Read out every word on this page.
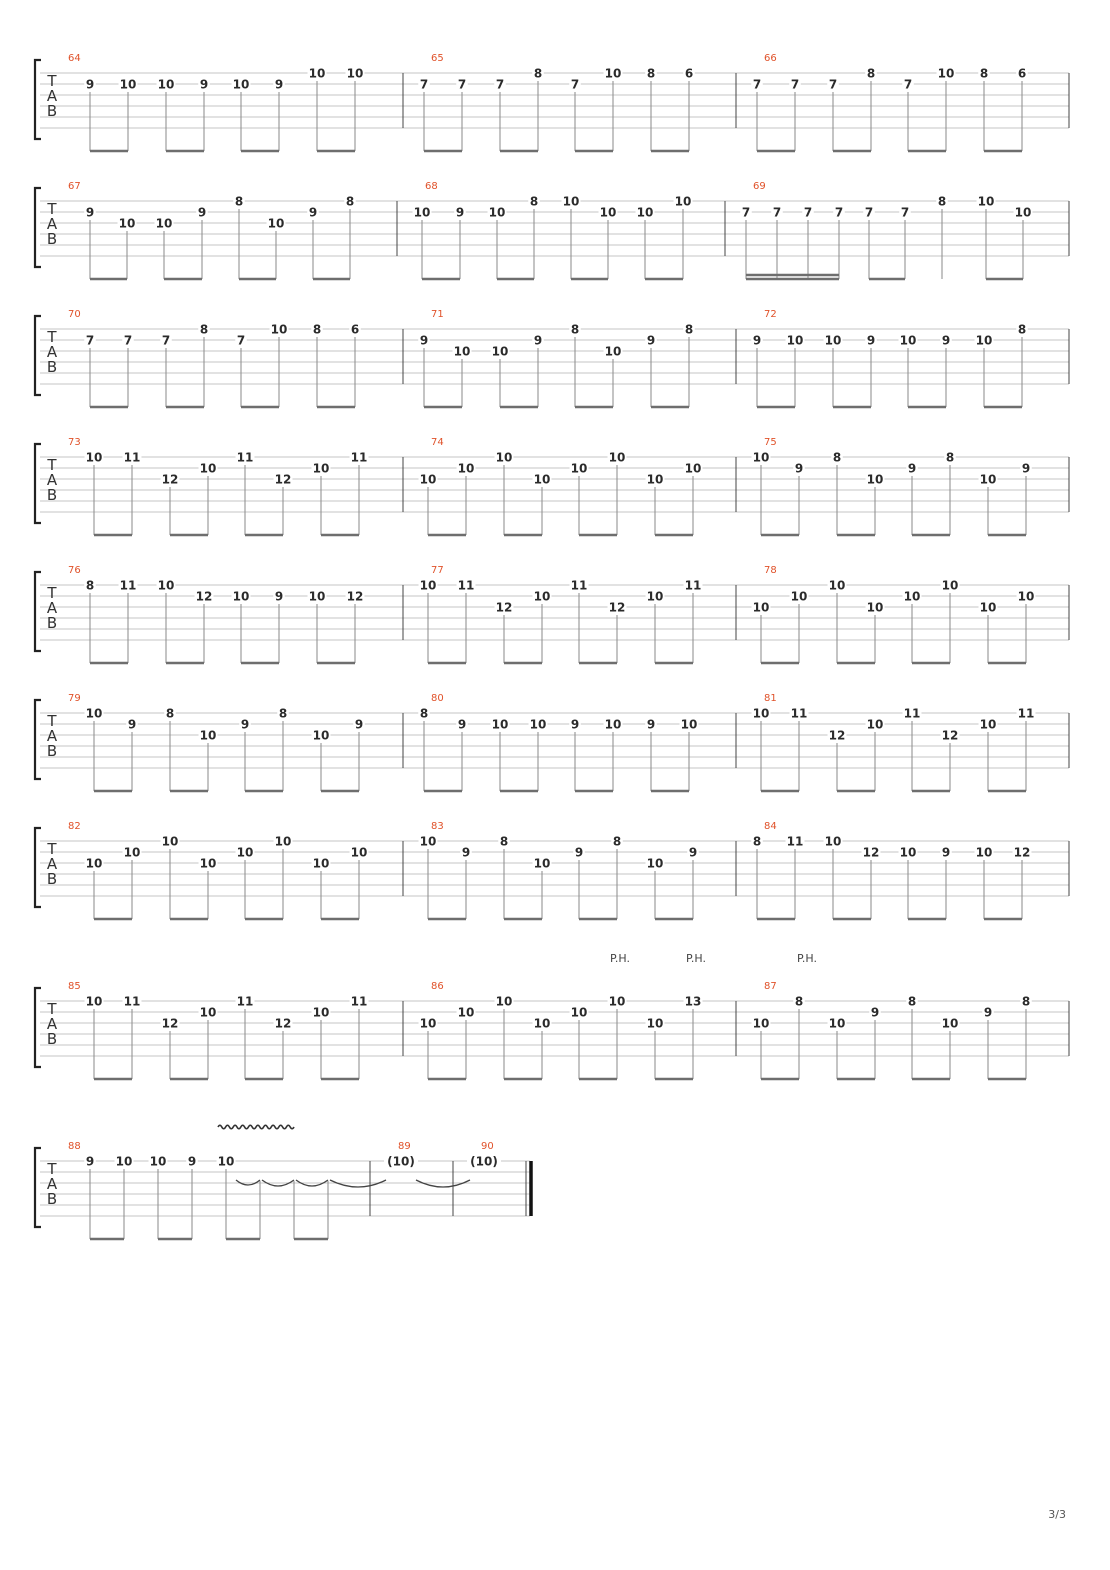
T
A
B
64
9 10 10 9 10 9
10 10
65
7 7 7
8
7
10 8 6
66
7 7 7
8
7
10 8 6
T
A
B
67
9
10 10
9
8
10
9
8
68
10 9 10
8 10
10 10
10
69
7 7 7 7 7 7
8	10
10
T
A
B
70
7 7 7
8
7
10 8 6
71
9
10 10
9
8
10
9
8
72
9 10 10 9 10 9 10
8
T
A
B
73
10 11
12
10
11
12
10
11
74
10
10
10
10
10
10
10
10
75
10
9
8
10
9
8
10
9
T
A
B
76
8 11 10
12 10 9 10 12
77
10 11
12
10
11
12
10
11
78
10
10
10
10
10
10
10
10
T
A
B
79
10
9
8
10
9
8
10
9
80
8
9 10 10 9 10 9 10
81
10 11
12
10
11
12
10
11
T
A
B
82
10
10
10
10
10
10
10
10
83
10
9
8
10
9
8
10
9
84
8 11 10
12 10 9 10 12
T
A
B
85
10 11
12
10
11
12
10
11
86
10
10
10
10
10
10
10
13
87
10
8
10
9
8
10
9
8
P.H.	P.H.	P.H.
T
A
B
88
9 10 10 9 10
89
(10)
90
(10)
3/3
